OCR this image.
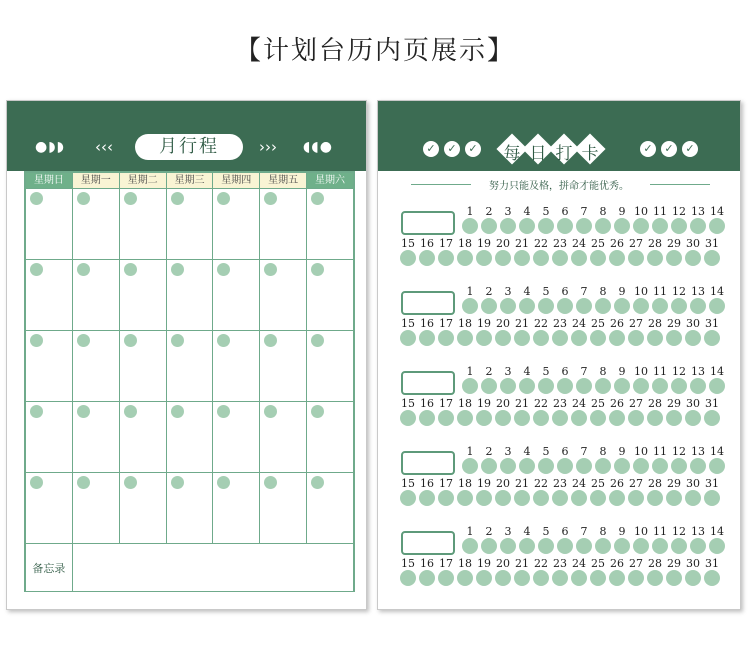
【计划台历内页展示】
●◗◗ ‹‹‹	月行程	››› ◖◖●
星期日	星期一	星期二	星期三	星期四	星期五	星期六

备忘录						
✓	✓	✓	每 日 打 卡	✓	✓	✓
努力只能及格，拼命才能优秀。
1	2	3	4	5	6	7	8	9 10 11 12 13 14
15 16 17 18 19 20 21 22 23 24 25 26 27 28 29 30 31
1	2	3	4	5	6	7	8	9 10 11 12 13 14
15 16 17 18 19 20 21 22 23 24 25 26 27 28 29 30 31
1	2	3	4	5	6	7	8	9 10 11 12 13 14
15 16 17 18 19 20 21 22 23 24 25 26 27 28 29 30 31
1	2	3	4	5	6	7	8	9 10 11 12 13 14
15 16 17 18 19 20 21 22 23 24 25 26 27 28 29 30 31
1	2	3	4	5	6	7	8	9 10 11 12 13 14
15 16 17 18 19 20 21 22 23 24 25 26 27 28 29 30 31
